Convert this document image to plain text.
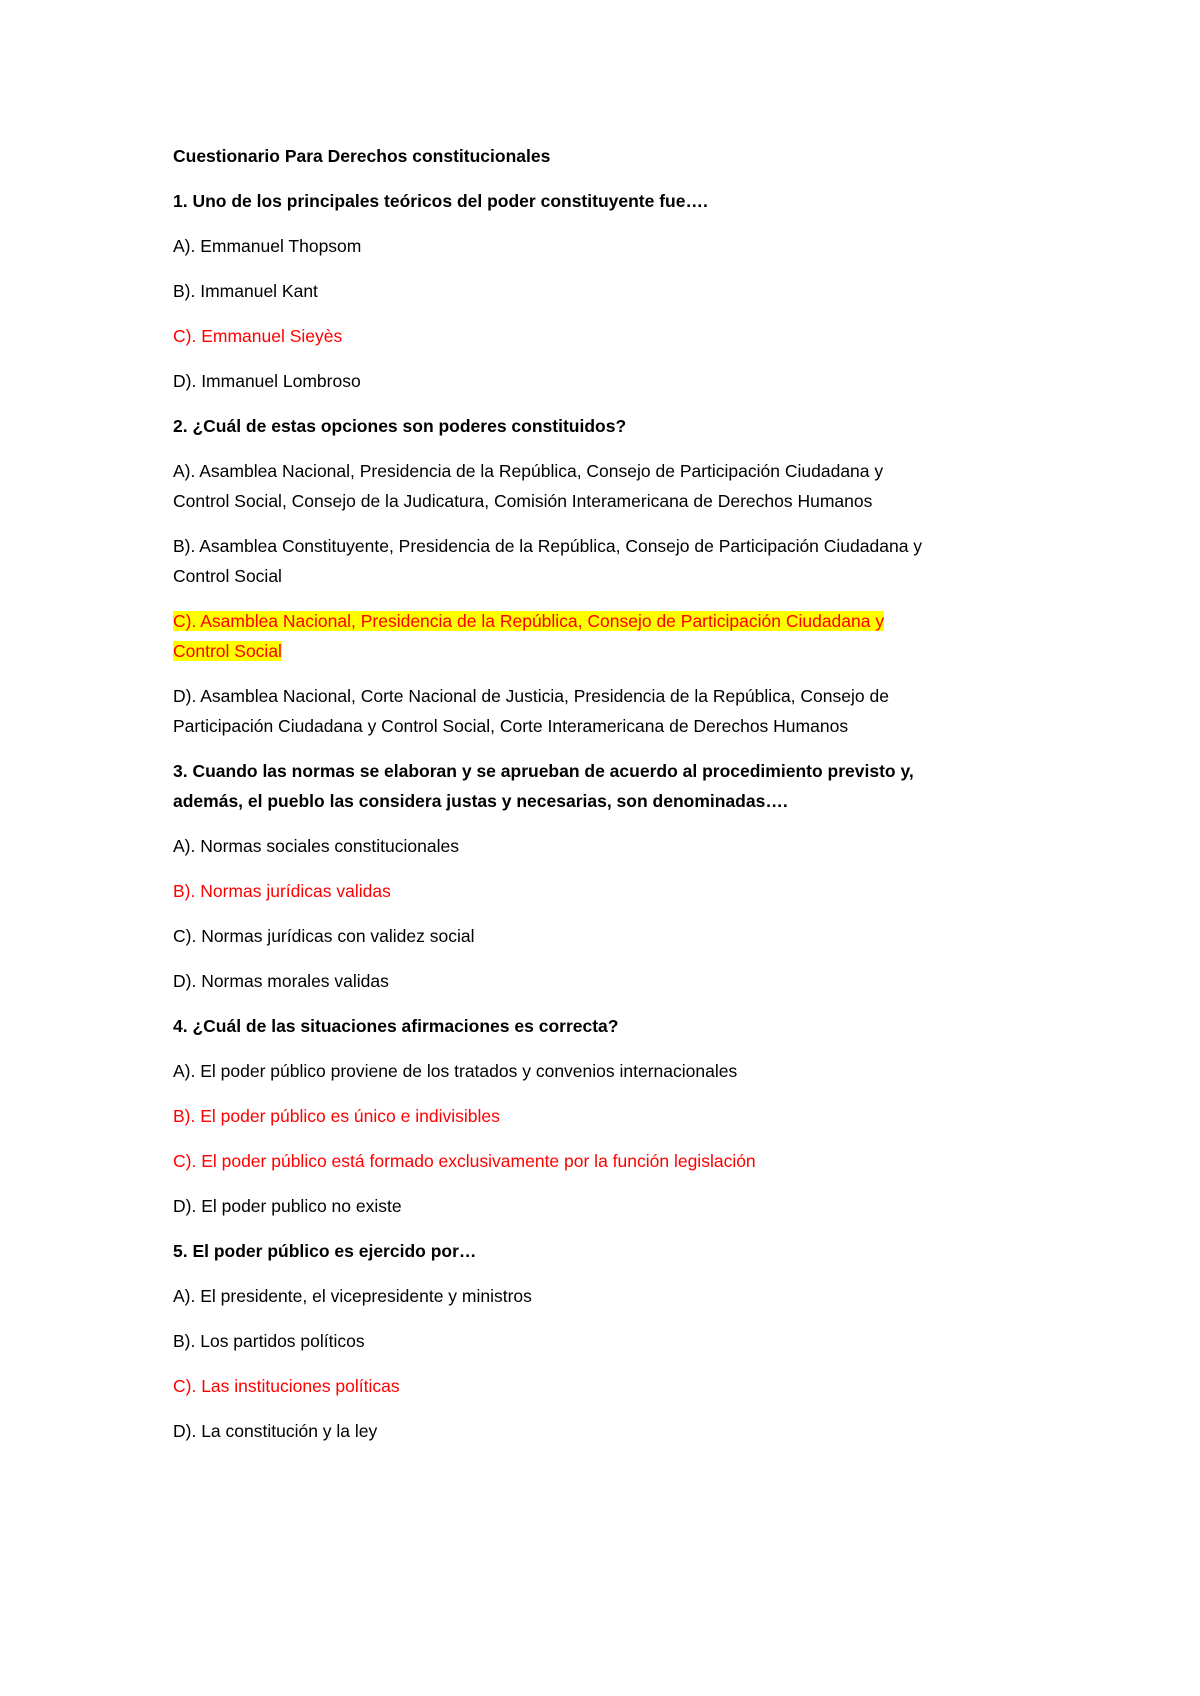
Cuestionario Para Derechos constitucionales
1. Uno de los principales teóricos del poder constituyente fue….
A). Emmanuel Thopsom
B). Immanuel Kant
C). Emmanuel Sieyès
D). Immanuel Lombroso
2. ¿Cuál de estas opciones son poderes constituidos?
A). Asamblea Nacional, Presidencia de la República, Consejo de Participación Ciudadana y
Control Social, Consejo de la Judicatura, Comisión Interamericana de Derechos Humanos
B). Asamblea Constituyente, Presidencia de la República, Consejo de Participación Ciudadana y
Control Social
C). Asamblea Nacional, Presidencia de la República, Consejo de Participación Ciudadana y
Control Social
D). Asamblea Nacional, Corte Nacional de Justicia, Presidencia de la República, Consejo de
Participación Ciudadana y Control Social, Corte Interamericana de Derechos Humanos
3. Cuando las normas se elaboran y se aprueban de acuerdo al procedimiento previsto y,
además, el pueblo las considera justas y necesarias, son denominadas….
A). Normas sociales constitucionales
B). Normas jurídicas validas
C). Normas jurídicas con validez social
D). Normas morales validas
4. ¿Cuál de las situaciones afirmaciones es correcta?
A). El poder público proviene de los tratados y convenios internacionales
B). El poder público es único e indivisibles
C). El poder público está formado exclusivamente por la función legislación
D). El poder publico no existe
5. El poder público es ejercido por…
A). El presidente, el vicepresidente y ministros
B). Los partidos políticos
C). Las instituciones políticas
D). La constitución y la ley
